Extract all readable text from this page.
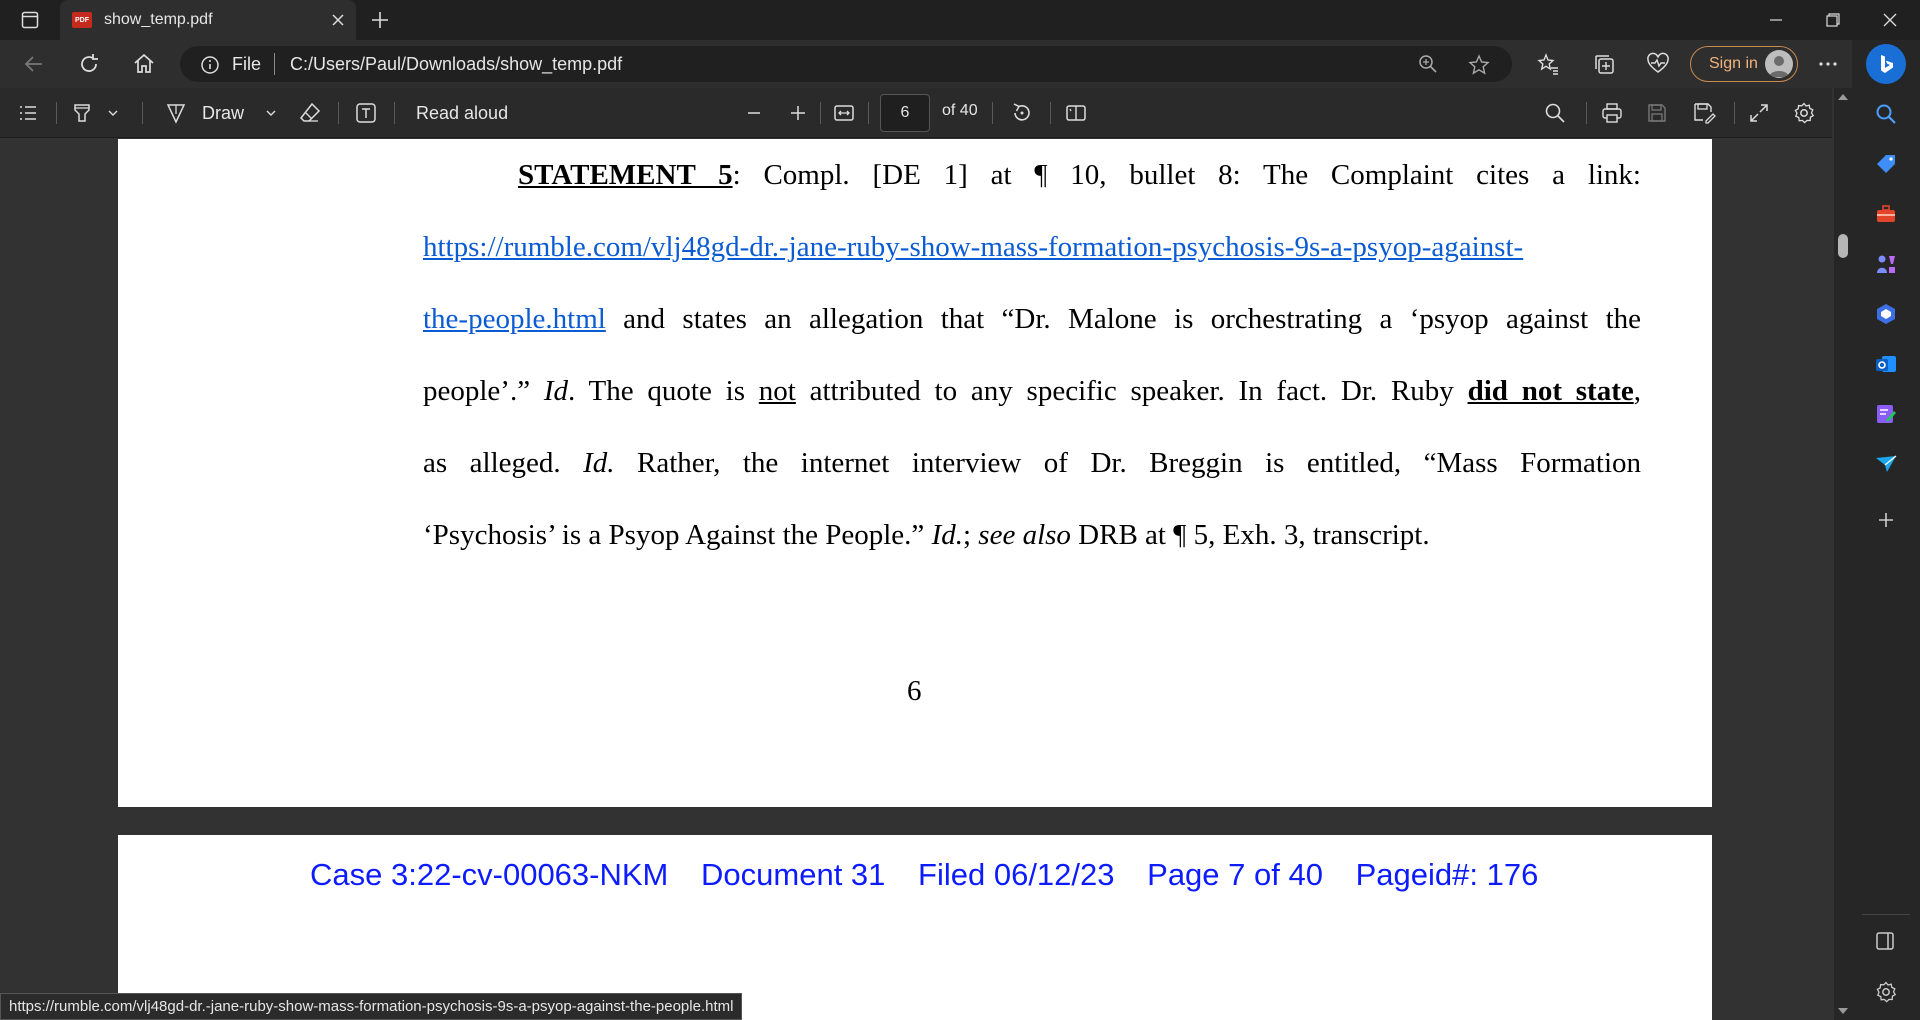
PDF show_temp.pdf
File C:/Users/Paul/Downloads/show_temp.pdf	Sign in
Draw	Read aloud	6	of 40
STATEMENT 5: Compl. [DE 1] at ¶ 10, bullet 8: The Complaint cites a link:
https://rumble.com/vlj48gd-dr.-jane-ruby-show-mass-formation-psychosis-9s-a-psyop-against-
the-people.html and states an allegation that “Dr. Malone is orchestrating a ‘psyop against the
people’.” Id. The quote is not attributed to any specific speaker. In fact. Dr. Ruby did not state,
as alleged. Id. Rather, the internet interview of Dr. Breggin is entitled, “Mass Formation
‘Psychosis’ is a Psyop Against the People.” Id.; see also DRB at ¶ 5, Exh. 3, transcript.
6
Case 3:22-cv-00063-NKM Document 31 Filed 06/12/23 Page 7 of 40 Pageid#: 176
https://rumble.com/vlj48gd-dr.-jane-ruby-show-mass-formation-psychosis-9s-a-psyop-against-the-people.html
